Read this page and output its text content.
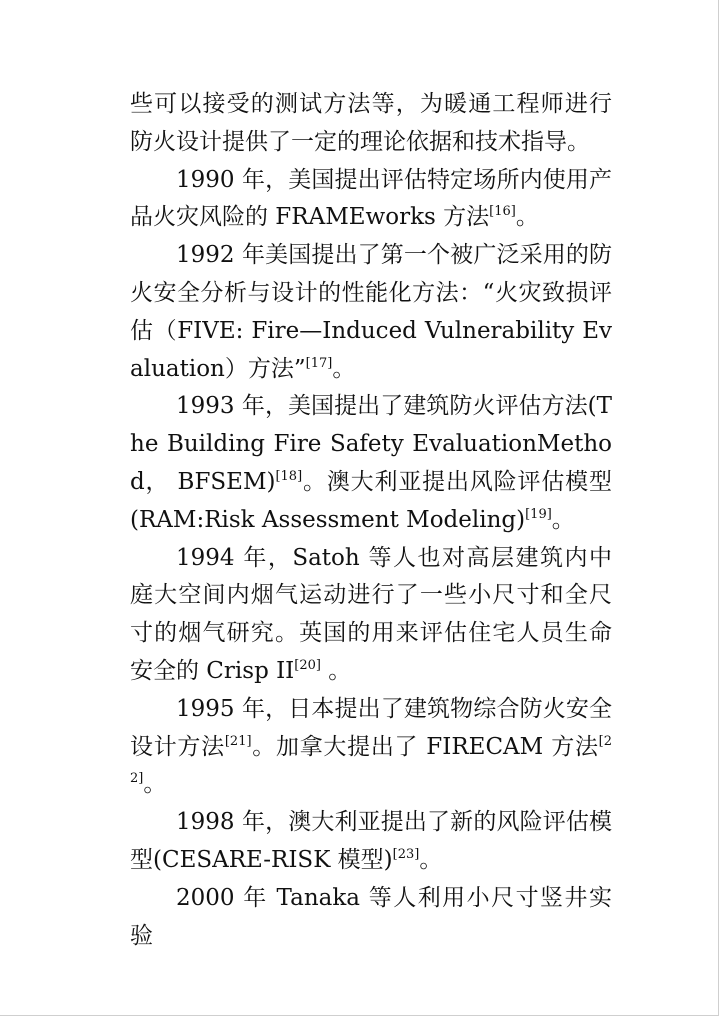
些可以接受的测试方法等，为暖通工程师进行防火设计提供了一定的理论依据和技术指导。

1990 年，美国提出评估特定场所内使用产品火灾风险的 FRAMEworks 方法[16]。

1992 年美国提出了第一个被广泛采用的防火安全分析与设计的性能化方法：“火灾致损评估（FIVE: Fire—Induced Vulnerability Evaluation）方法”[17]。

1993 年，美国提出了建筑防火评估方法(The Building Fire Safety EvaluationMethod， BFSEM)[18]。澳大利亚提出风险评估模型(RAM:Risk Assessment Modeling)[19]。

1994 年，Satoh 等人也对高层建筑内中庭大空间内烟气运动进行了一些小尺寸和全尺寸的烟气研究。英国的用来评估住宅人员生命安全的 Crisp II[20] 。

1995 年，日本提出了建筑物综合防火安全设计方法[21]。加拿大提出了 FIRECAM 方法[22]。

1998 年，澳大利亚提出了新的风险评估模型(CESARE-RISK 模型)[23]。

2000 年 Tanaka 等人利用小尺寸竖井实验
